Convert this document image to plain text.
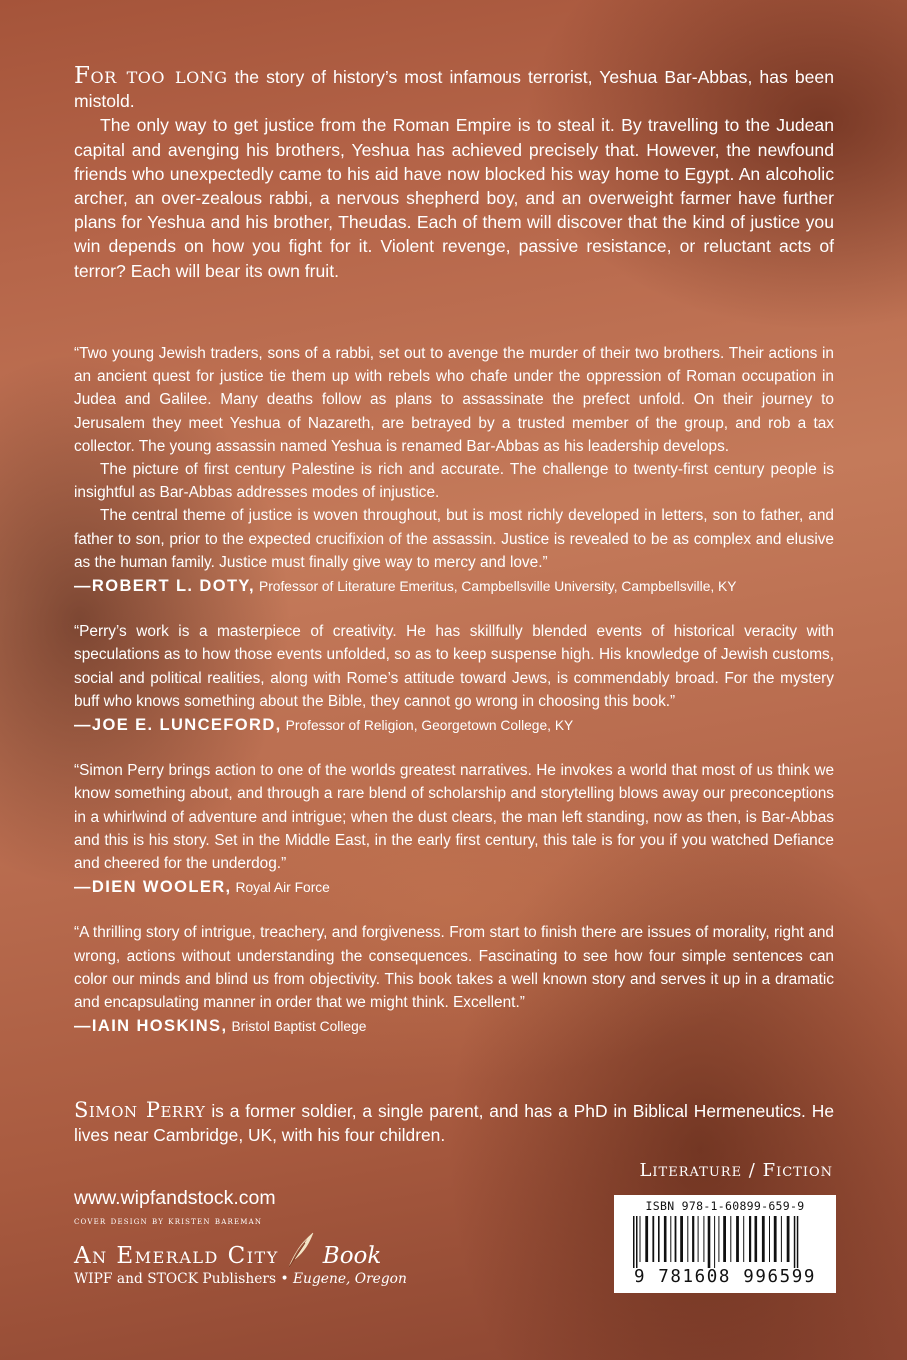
For too long the story of history’s most infamous terrorist, Yeshua Bar-Abbas, has been mistold.

The only way to get justice from the Roman Empire is to steal it. By travelling to the Judean capital and avenging his brothers, Yeshua has achieved precisely that. However, the newfound friends who unexpectedly came to his aid have now blocked his way home to Egypt. An alcoholic archer, an over-zealous rabbi, a nervous shepherd boy, and an overweight farmer have further plans for Yeshua and his brother, Theudas. Each of them will discover that the kind of justice you win depends on how you fight for it. Violent revenge, passive resistance, or reluctant acts of terror? Each will bear its own fruit.

“Two young Jewish traders, sons of a rabbi, set out to avenge the murder of their two brothers. Their actions in an ancient quest for justice tie them up with rebels who chafe under the oppression of Roman occupation in Judea and Galilee. Many deaths follow as plans to assassinate the prefect unfold. On their journey to Jerusalem they meet Yeshua of Nazareth, are betrayed by a trusted member of the group, and rob a tax collector. The young assassin named Yeshua is renamed Bar-Abbas as his leadership develops.

The picture of first century Palestine is rich and accurate. The challenge to twenty-first century people is insightful as Bar-Abbas addresses modes of injustice.

The central theme of justice is woven throughout, but is most richly developed in letters, son to father, and father to son, prior to the expected crucifixion of the assassin. Justice is revealed to be as complex and elusive as the human family. Justice must finally give way to mercy and love.”

—ROBERT L. DOTY, Professor of Literature Emeritus, Campbellsville University, Campbellsville, KY

“Perry’s work is a masterpiece of creativity. He has skillfully blended events of historical veracity with speculations as to how those events unfolded, so as to keep suspense high. His knowledge of Jewish customs, social and political realities, along with Rome’s attitude toward Jews, is commendably broad. For the mystery buff who knows something about the Bible, they cannot go wrong in choosing this book.”

—JOE E. LUNCEFORD, Professor of Religion, Georgetown College, KY

“Simon Perry brings action to one of the worlds greatest narratives. He invokes a world that most of us think we know something about, and through a rare blend of scholarship and storytelling blows away our preconceptions in a whirlwind of adventure and intrigue; when the dust clears, the man left standing, now as then, is Bar-Abbas and this is his story. Set in the Middle East, in the early first century, this tale is for you if you watched Defiance and cheered for the underdog.”

—DIEN WOOLER, Royal Air Force

“A thrilling story of intrigue, treachery, and forgiveness. From start to finish there are issues of morality, right and wrong, actions without understanding the consequences. Fascinating to see how four simple sentences can color our minds and blind us from objectivity. This book takes a well known story and serves it up in a dramatic and encapsulating manner in order that we might think. Excellent.”

—IAIN HOSKINS, Bristol Baptist College

Simon Perry is a former soldier, a single parent, and has a PhD in Biblical Hermeneutics. He lives near Cambridge, UK, with his four children.

Literature / Fiction
www.wipfandstock.com
cover design by kristen bareman
An Emerald City Book
WIPF and STOCK Publishers • Eugene, Oregon
ISBN 978-1-60899-659-9
9 781608 996599
